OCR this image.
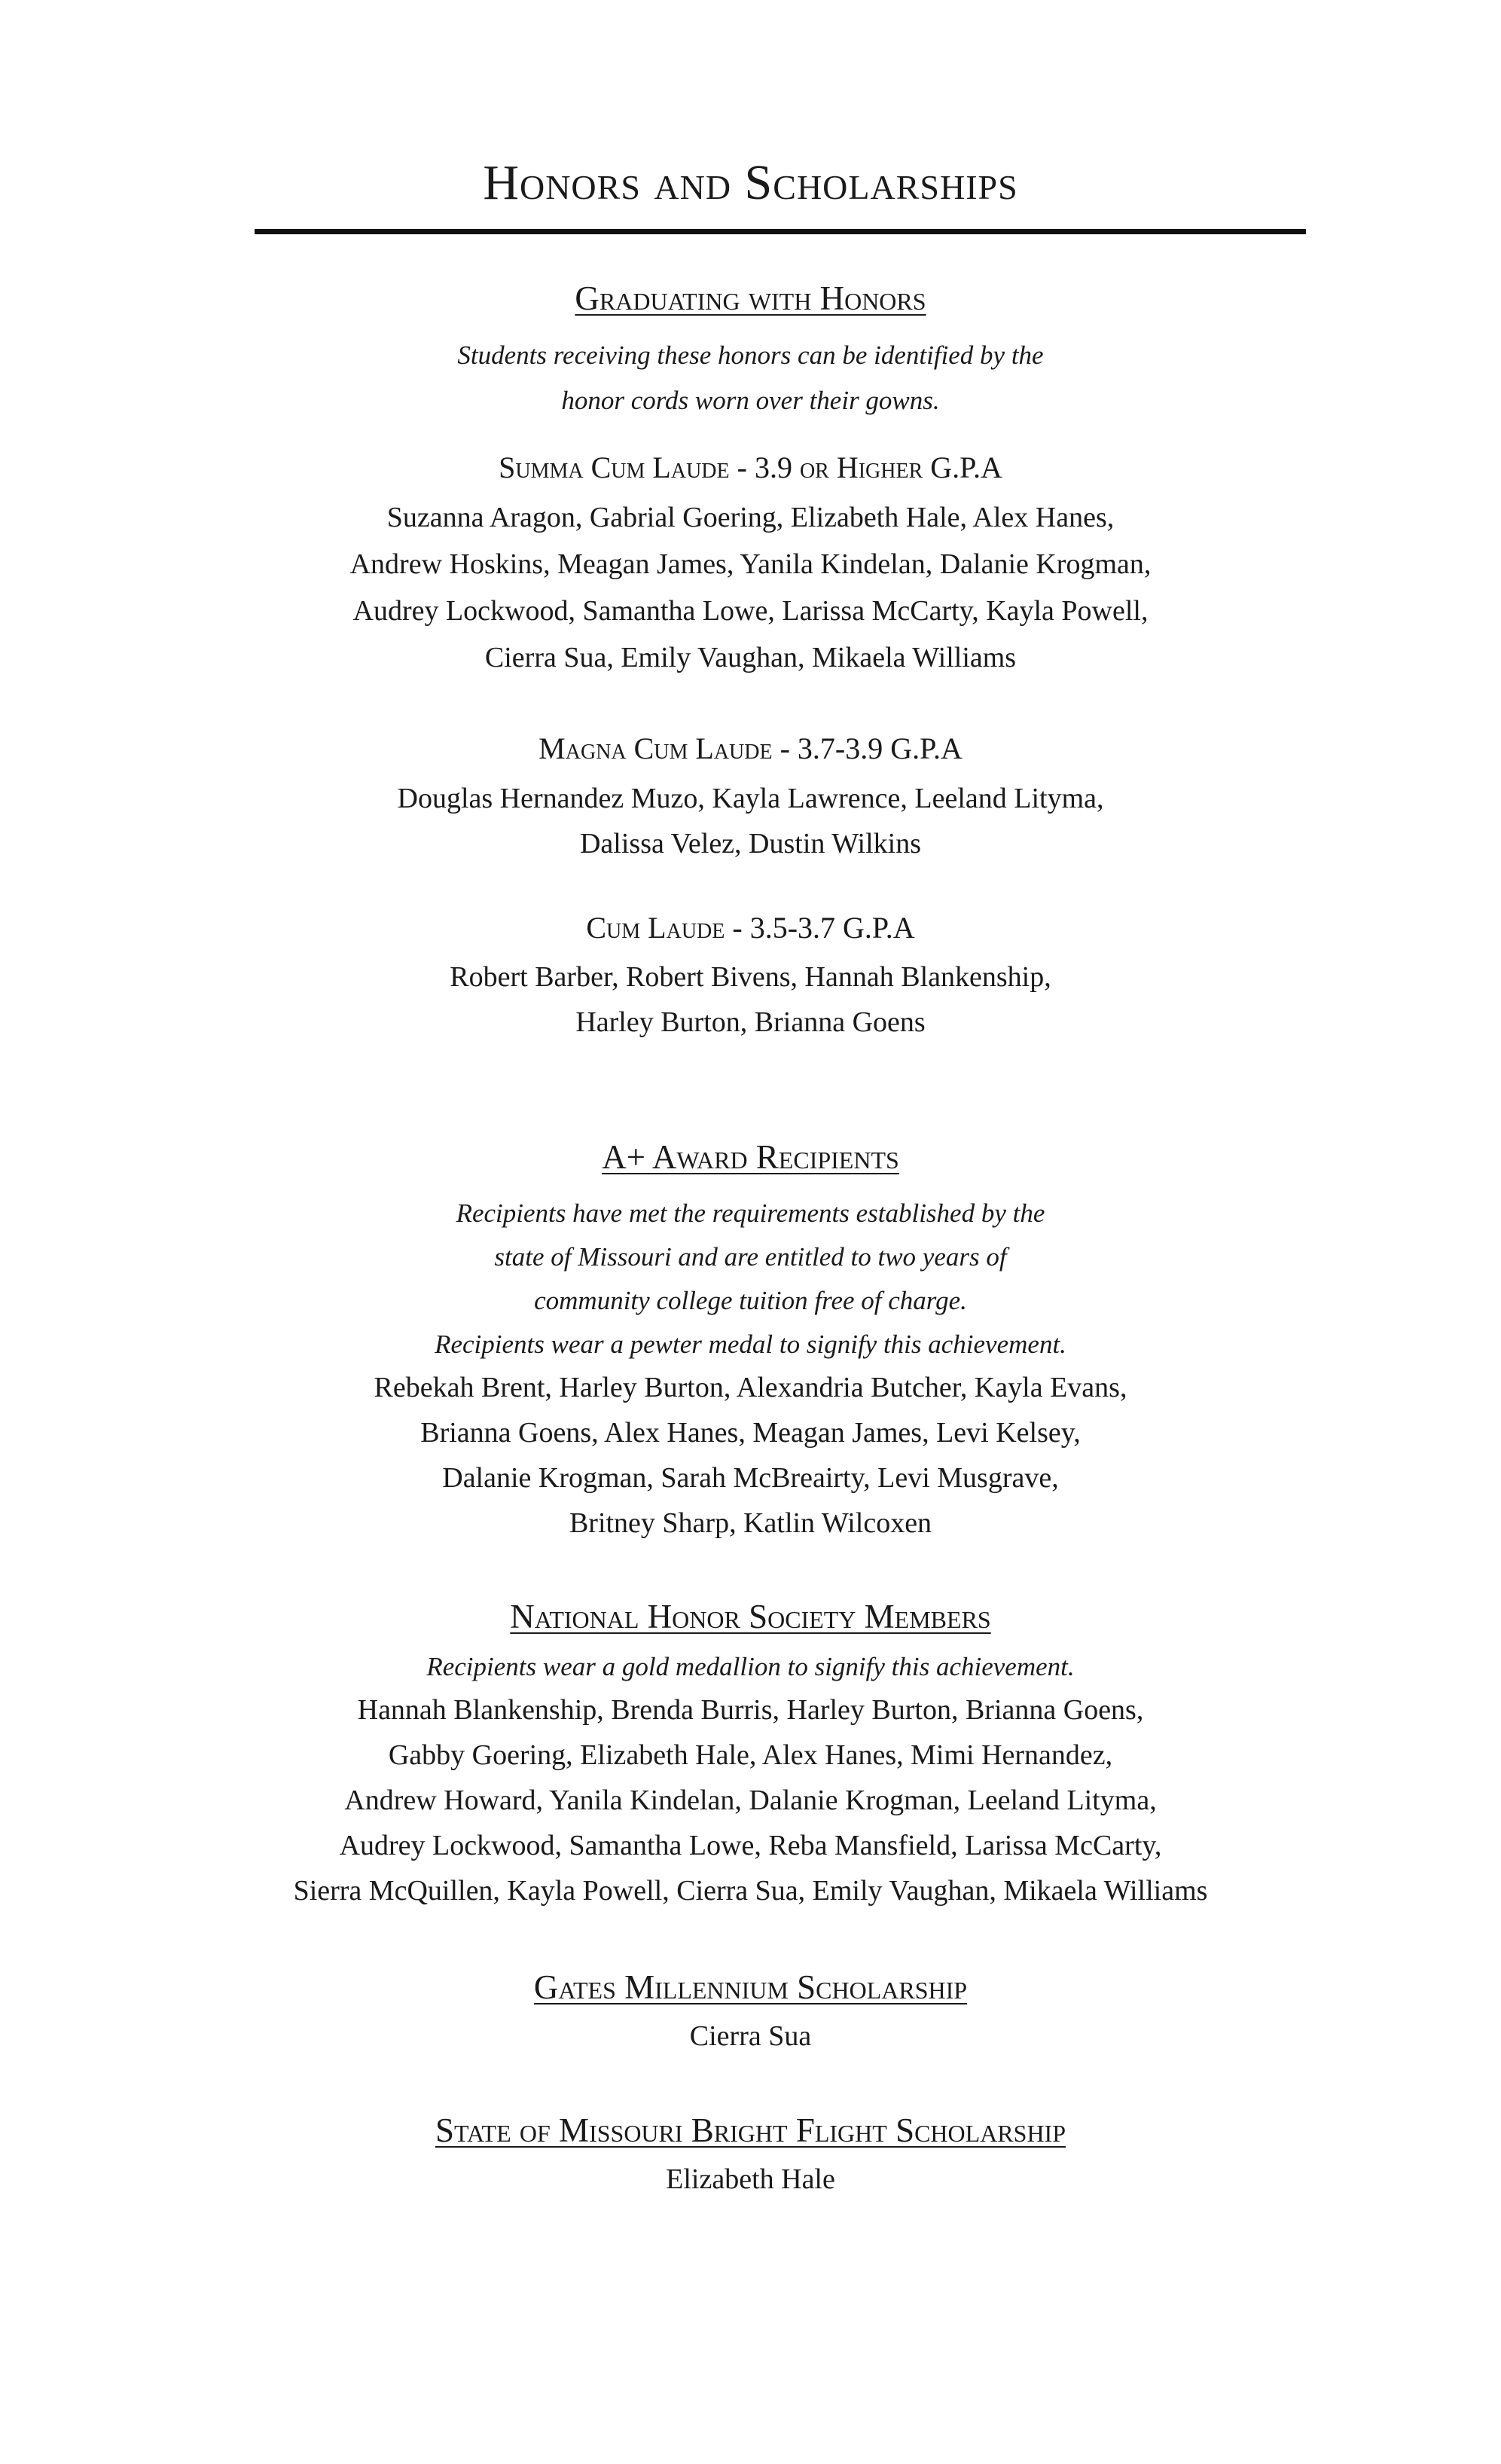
Honors and Scholarships
Graduating with Honors

Students receiving these honors can be identified by the
honor cords worn over their gowns.

Summa Cum Laude - 3.9 or Higher G.P.A

Suzanna Aragon, Gabrial Goering, Elizabeth Hale, Alex Hanes,
Andrew Hoskins, Meagan James, Yanila Kindelan, Dalanie Krogman,
Audrey Lockwood, Samantha Lowe, Larissa McCarty, Kayla Powell,
Cierra Sua, Emily Vaughan, Mikaela Williams

Magna Cum Laude - 3.7-3.9 G.P.A

Douglas Hernandez Muzo, Kayla Lawrence, Leeland Lityma,
Dalissa Velez, Dustin Wilkins

Cum Laude - 3.5-3.7 G.P.A

Robert Barber, Robert Bivens, Hannah Blankenship,
Harley Burton, Brianna Goens

A+ Award Recipients

Recipients have met the requirements established by the
state of Missouri and are entitled to two years of
community college tuition free of charge.
Recipients wear a pewter medal to signify this achievement.

Rebekah Brent, Harley Burton, Alexandria Butcher, Kayla Evans,
Brianna Goens, Alex Hanes, Meagan James, Levi Kelsey,
Dalanie Krogman, Sarah McBreairty, Levi Musgrave,
Britney Sharp, Katlin Wilcoxen

National Honor Society Members

Recipients wear a gold medallion to signify this achievement.

Hannah Blankenship, Brenda Burris, Harley Burton, Brianna Goens,
Gabby Goering, Elizabeth Hale, Alex Hanes, Mimi Hernandez,
Andrew Howard, Yanila Kindelan, Dalanie Krogman, Leeland Lityma,
Audrey Lockwood, Samantha Lowe, Reba Mansfield, Larissa McCarty,
Sierra McQuillen, Kayla Powell, Cierra Sua, Emily Vaughan, Mikaela Williams

Gates Millennium Scholarship

Cierra Sua

State of Missouri Bright Flight Scholarship

Elizabeth Hale
